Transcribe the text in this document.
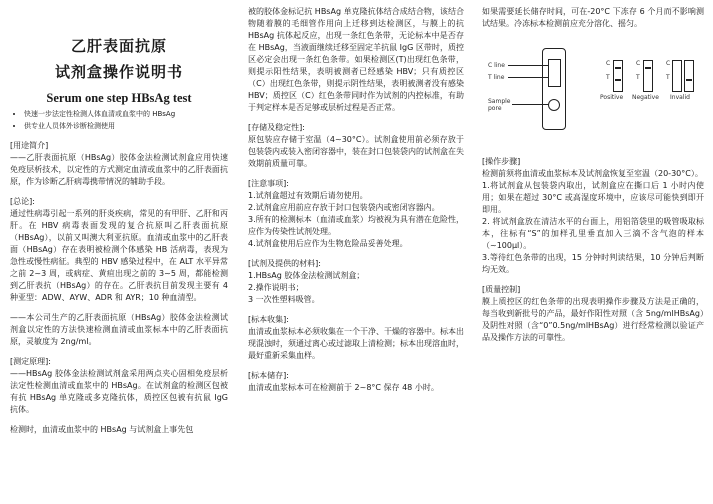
乙肝表面抗原
试剂盒操作说明书
Serum one step HBsAg test
• 快速一步法定性检测人体血清或血浆中的 HBsAg
• 供专业人员体外诊断检测使用

[用途简介]

——乙肝表面抗原（HBsAg）胶体金法检测试剂盒应用快速免疫层析技术，以定性的方式测定血清或血浆中的乙肝表面抗原，作为诊断乙肝病毒携带情况的辅助手段。

[总论]:

通过性病毒引起一系列的肝炎疾病，常见的有甲肝、乙肝和丙肝。在 HBV 病毒表面发现的复合抗原叫乙肝表面抗原（HBsAg），以前又叫澳大利亚抗原。血清或血浆中的乙肝表面（HBsAg）存在表明被检测个体感染 HB 活病毒，表现为急性或慢性病征。典型的 HBV 感染过程中，在 ALT 水平异常之前 2~3 周，或病症、黄疸出现之前的 3~5 周，都能检测到乙肝表抗（HBsAg）的存在。乙肝表抗目前发现主要有 4 种亚型：ADW、AYW、ADR 和 AYR；10 种血清型。

——本公司生产的乙肝表面抗原（HBsAg）胶体金法检测试剂盒以定性的方法快速检测血清或血浆标本中的乙肝表面抗原，灵敏度为 2ng/ml。

[测定原理]:

——HBsAg 胶体金法检测试剂盒采用两点夹心固相免疫层析法定性检测血清或血浆中的 HBsAg。在试剂盒的检测区包被有抗 HBsAg 单克隆或多克隆抗体，质控区包被有抗鼠 IgG 抗体。

检测时，血清或血浆中的 HBsAg 与试剂盒上事先包

被的胶体金标记抗 HBsAg 单克隆抗体结合成结合物，该结合物随着膜的毛细管作用向上迁移到达检测区，与膜上的抗 HBsAg 抗体起反应，出现一条红色条带，无论标本中是否存在 HBsAg，当液面继续迁移至固定羊抗鼠 IgG 区带时，质控区必定会出现一条红色条带。如果检测区(T)出现红色条带，则提示阳性结果，表明被测者已经感染 HBV；只有质控区（C）出现红色条带，则提示阴性结果，表明被测者没有感染 HBV；质控区（C）红色条带同时作为试剂的内控标准，有助于判定样本是否足够或层析过程是否正常。

[存储及稳定性]:

原包装应存储于室温（4~30°C）。试剂盒使用前必须存放于包装袋内或装入密闭容器中，装在封口包装袋内的试剂盒在失效期前质量可靠。

[注意事项]:

1.试剂盒超过有效期后请勿使用。
2.试剂盒应用前应存放于封口包装袋内或密闭容器内。
3.所有的检测标本（血清或血浆）均被视为具有潜在危险性，应作为传染性试剂处理。
4.试剂盒使用后应作为生物危险品妥善处理。

[试剂及提供的材料]:

1.HBsAg 胶体金法检测试剂盒；
2.操作说明书；
3 一次性塑料吸管。

[标本收集]:

血清或血浆标本必须收集在一个干净、干燥的容器中。标本出现混浊时，须通过离心或过滤取上清检测；标本出现溶血时，最好重新采集血样。

[标本储存]:

血清或血浆标本可在检测前于 2~8°C 保存 48 小时。

如果需要延长储存时间，可在-20°C 下冻存 6 个月而不影响测试结果。冷冻标本检测前应充分溶化、摇匀。

C line
T line
Sample pore
C
T
Positive
C
T
Negative
C
T
Invalid

[操作步骤]

检测前须将血清或血浆标本及试剂盒恢复至室温（20-30°C）。
1.将试剂盒从包装袋内取出，试剂盒应在撕口后 1 小时内使用；如果在超过 30°C 或高湿度环境中，应该尽可能快到即开即用。
2. 将试剂盒放在清洁水平的台面上，用铝箔袋里的吸管吸取标本，往标有“S”的加样孔里垂直加入三滴不含气泡的样本（~100μl）。
3.等待红色条带的出现，15 分钟时判读结果，10 分钟后判断均无效。

[质量控制]

膜上质控区的红色条带的出现表明操作步骤及方法是正确的，每当收到新批号的产品，最好作阳性对照（含 5ng/mlHBsAg）及阴性对照（含“0”0.5ng/mlHBsAg）进行经常检测以验证产品及操作方法的可靠性。
